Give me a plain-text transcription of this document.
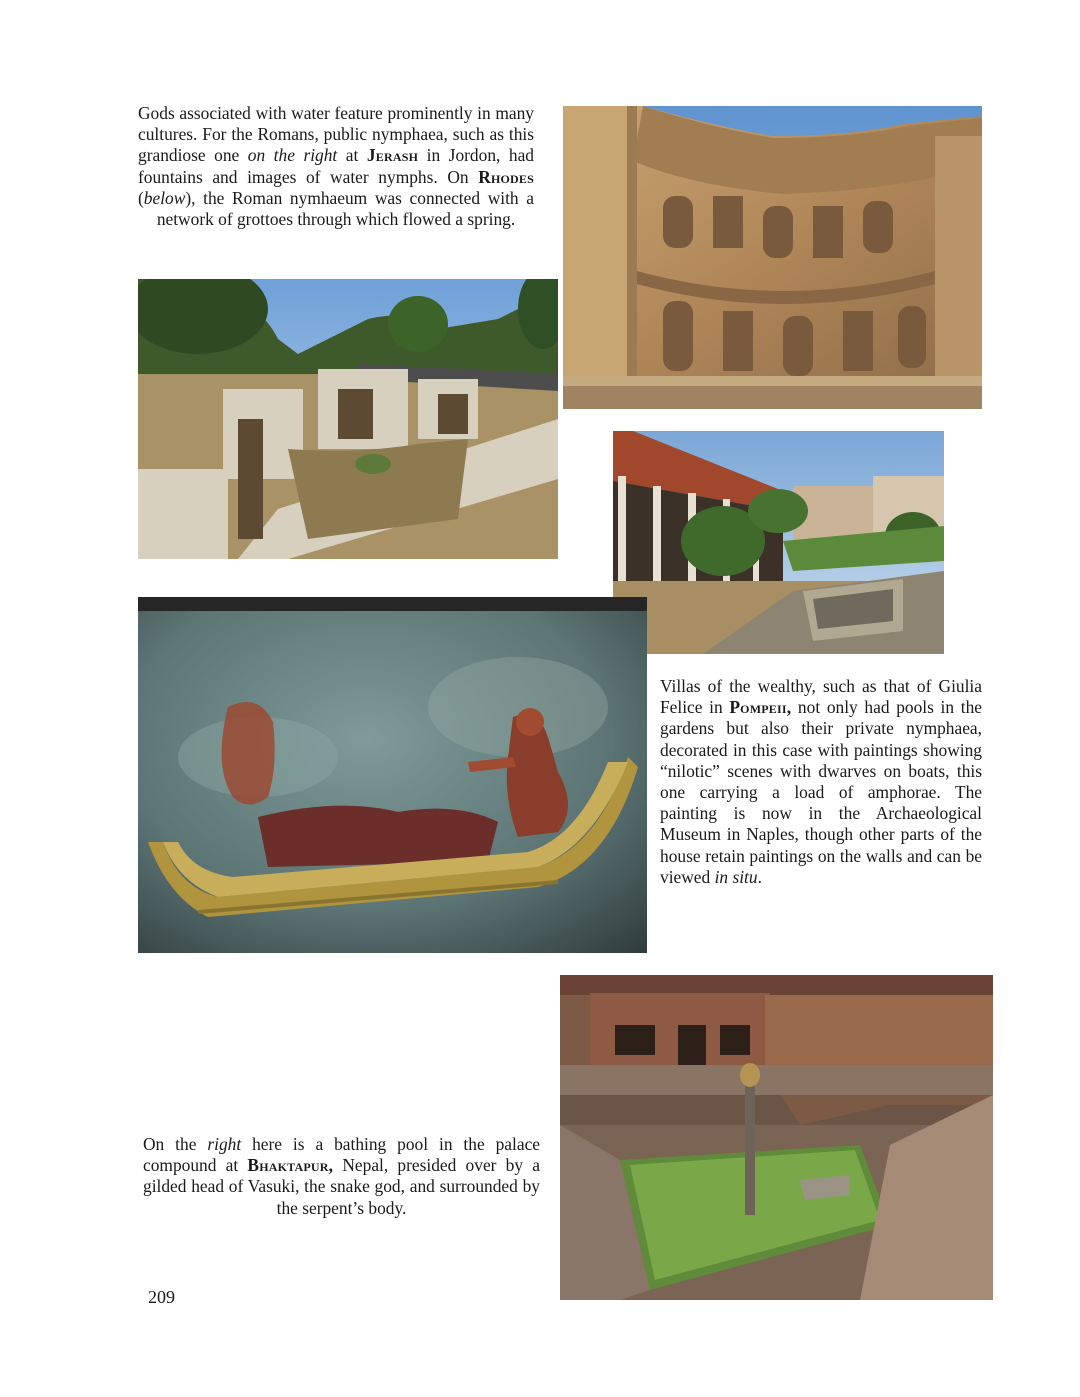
Gods associated with water feature prominently in many cultures. For the Romans, public nymphaea, such as this grandiose one on the right at Jerash in Jordon, had fountains and images of water nymphs. On Rhodes (below), the Roman nymhaeum was connected with a network of grottoes through which flowed a spring.

Villas of the wealthy, such as that of Giulia Felice in Pompeii, not only had pools in the gardens but also their private nymphaea, decorated in this case with paintings showing “nilotic” scenes with dwarves on boats, this one carrying a load of amphorae. The painting is now in the Archaeological Museum in Naples, though other parts of the house retain paintings on the walls and can be viewed in situ.

On the right here is a bathing pool in the palace compound at Bhaktapur, Nepal, presided over by a gilded head of Vasuki, the snake god, and surrounded by the serpent’s body.

209
